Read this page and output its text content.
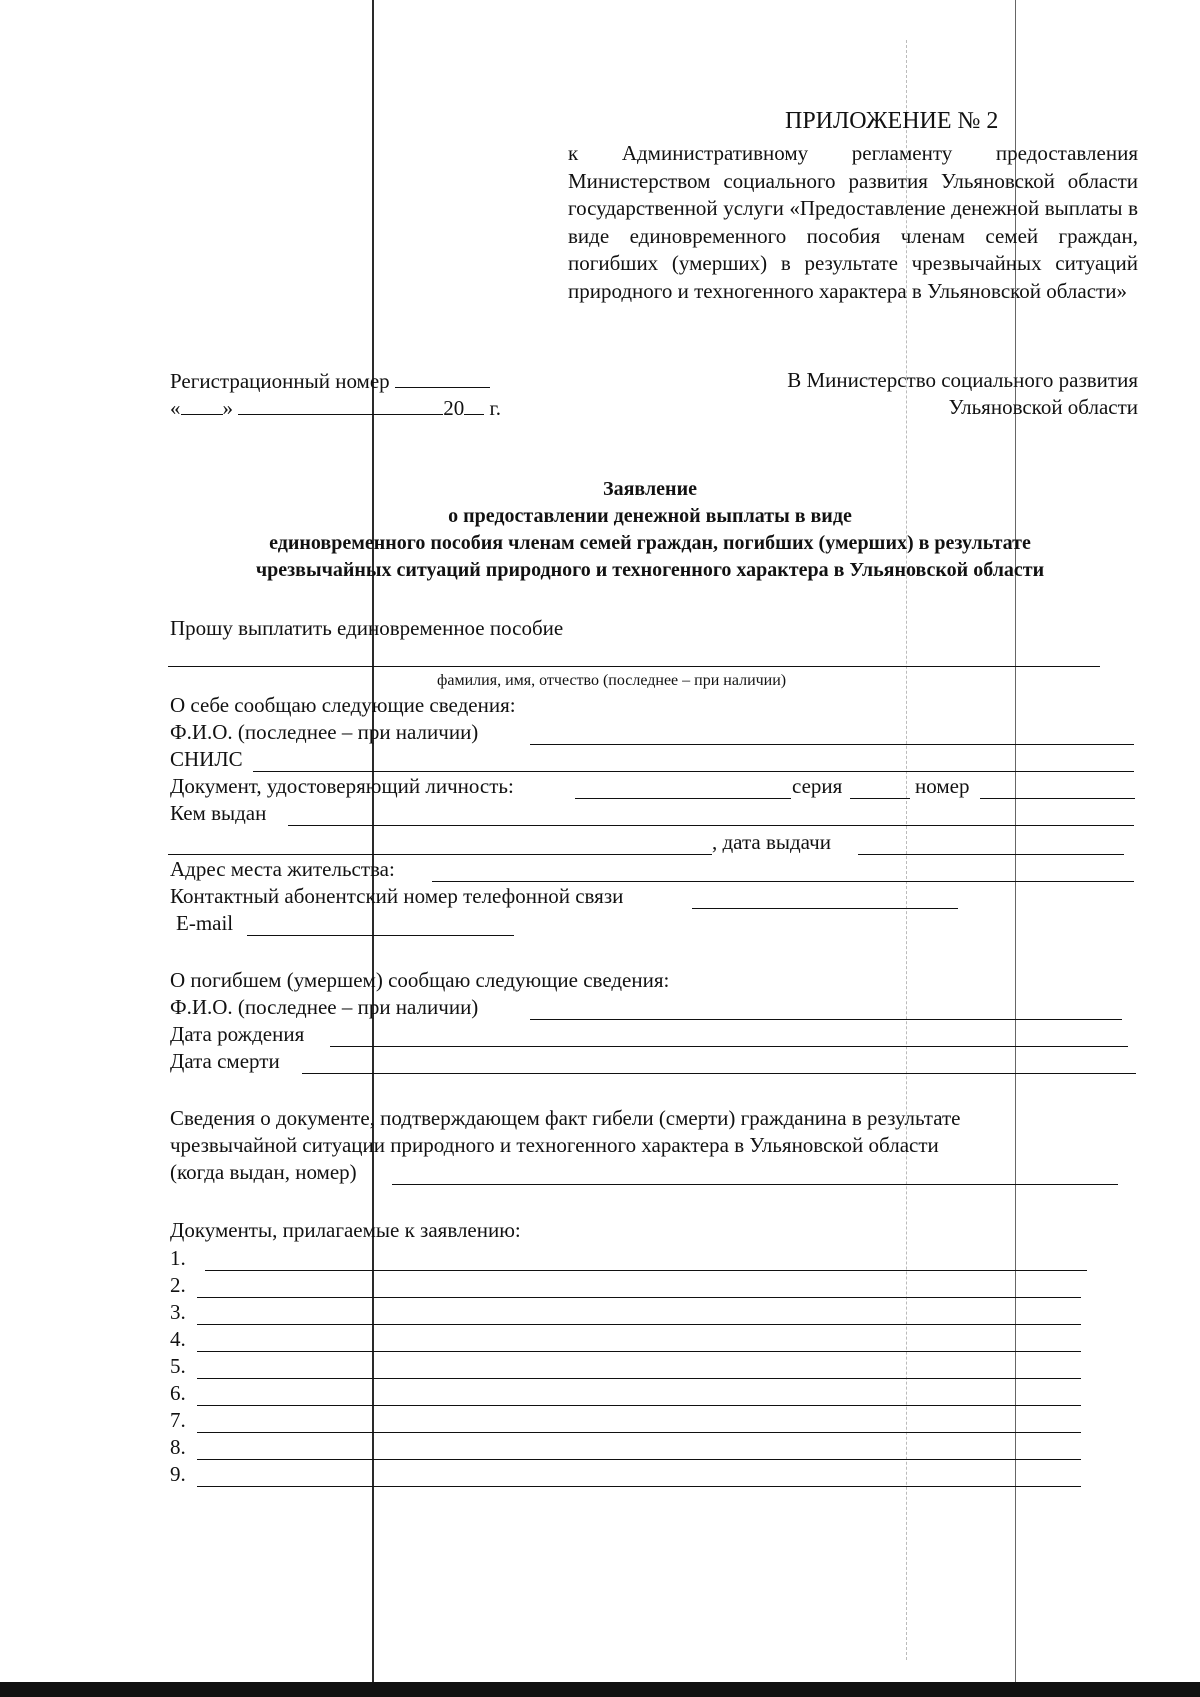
ПРИЛОЖЕНИЕ № 2

к Административному регламенту предоставления Министерством социального развития Ульяновской области государственной услуги «Предоставление денежной выплаты в виде единовременного пособия членам семей граждан, погибших (умерших) в результате чрезвычайных ситуаций природного и техногенного характера в Ульяновской области»

Регистрационный номер
« »	20 г.
В Министерство социального развития
Ульяновской области
Заявление
о предоставлении денежной выплаты в виде
единовременного пособия членам семей граждан, погибших (умерших) в результате
чрезвычайных ситуаций природного и техногенного характера в Ульяновской области
Прошу выплатить единовременное пособие
фамилия, имя, отчество (последнее – при наличии)
О себе сообщаю следующие сведения:
Ф.И.О. (последнее – при наличии)
СНИЛС
Документ, удостоверяющий личность:	серия	номер
Кем выдан
, дата выдачи
Адрес места жительства:
Контактный абонентский номер телефонной связи
E-mail
О погибшем (умершем) сообщаю следующие сведения:
Ф.И.О. (последнее – при наличии)
Дата рождения
Дата смерти
Сведения о документе, подтверждающем факт гибели (смерти) гражданина в результате
чрезвычайной ситуации природного и техногенного характера в Ульяновской области
(когда выдан, номер)
Документы, прилагаемые к заявлению:
1.
2.
3.
4.
5.
6.
7.
8.
9.
